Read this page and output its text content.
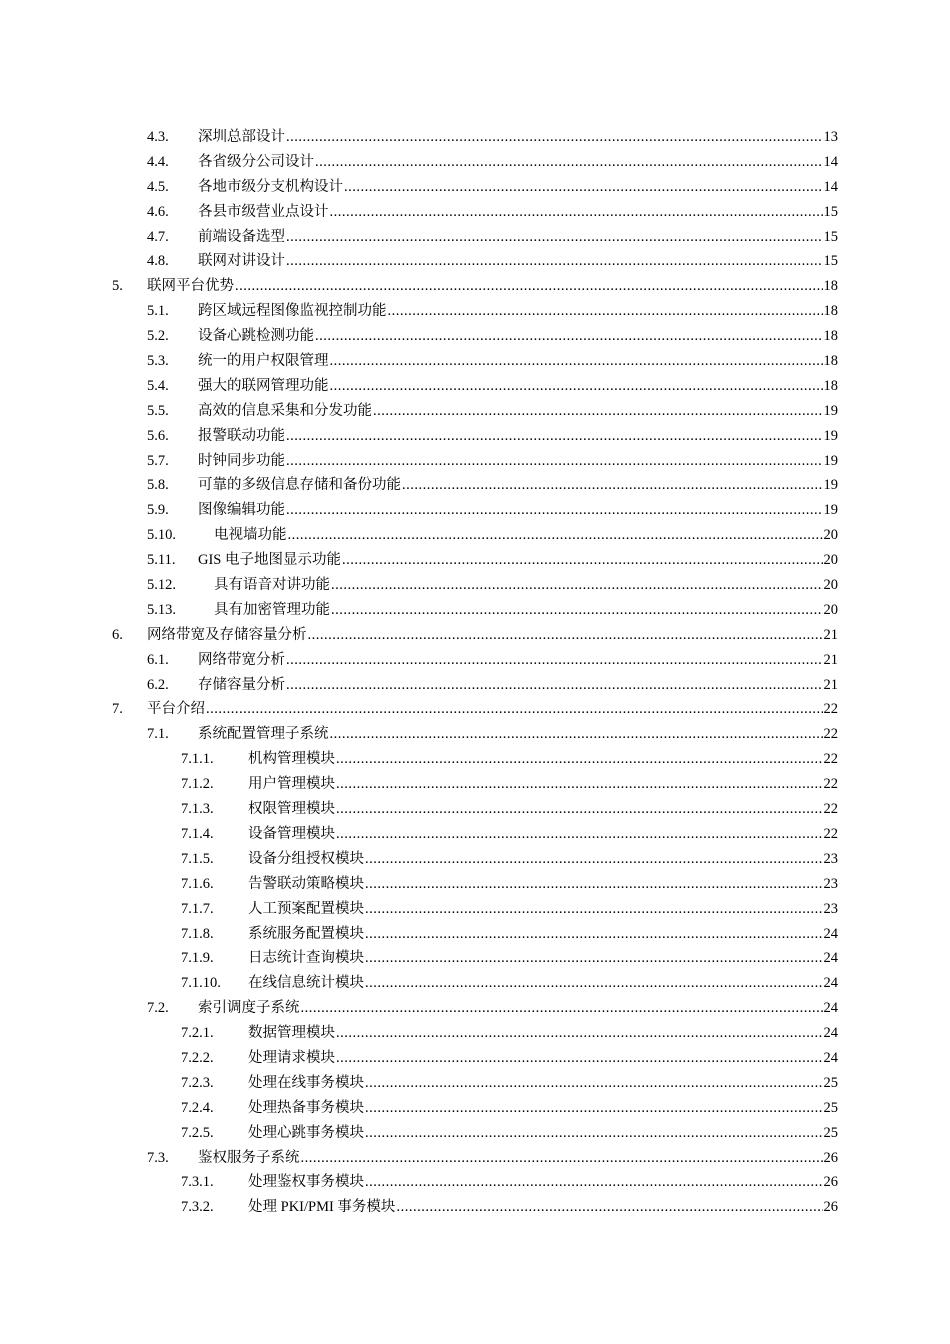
4.3. 深圳总部设计 .....	13
4.4. 各省级分公司设计 .....	14
4.5. 各地市级分支机构设计 .....	14
4.6. 各县市级营业点设计 .....	15
4.7. 前端设备选型 .....	15
4.8. 联网对讲设计 .....	15
5. 联网平台优势 .....	18
5.1. 跨区域远程图像监视控制功能 .....	18
5.2. 设备心跳检测功能 .....	18
5.3. 统一的用户权限管理 .....	18
5.4. 强大的联网管理功能 .....	18
5.5. 高效的信息采集和分发功能 .....	19
5.6. 报警联动功能 .....	19
5.7. 时钟同步功能 .....	19
5.8. 可靠的多级信息存储和备份功能 .....	19
5.9. 图像编辑功能 .....	19
5.10.	电视墙功能 .....	20
5.11. GIS 电子地图显示功能 .....	20
5.12.	具有语音对讲功能 .....	20
5.13.	具有加密管理功能 .....	20
6. 网络带宽及存储容量分析 .....	21
6.1. 网络带宽分析 .....	21
6.2. 存储容量分析 .....	21
7. 平台介绍 .....	22
7.1. 系统配置管理子系统 .....	22
7.1.1. 机构管理模块 .....	22
7.1.2. 用户管理模块 .....	22
7.1.3. 权限管理模块 .....	22
7.1.4. 设备管理模块 .....	22
7.1.5. 设备分组授权模块 .....	23
7.1.6. 告警联动策略模块 .....	23
7.1.7. 人工预案配置模块 .....	23
7.1.8. 系统服务配置模块 .....	24
7.1.9. 日志统计查询模块 .....	24
7.1.10. 在线信息统计模块 .....	24
7.2. 索引调度子系统 .....	24
7.2.1. 数据管理模块 .....	24
7.2.2. 处理请求模块 .....	24
7.2.3. 处理在线事务模块 .....	25
7.2.4. 处理热备事务模块 .....	25
7.2.5. 处理心跳事务模块 .....	25
7.3. 鉴权服务子系统 .....	26
7.3.1. 处理鉴权事务模块 .....	26
7.3.2. 处理 PKI/PMI 事务模块 .....	26
